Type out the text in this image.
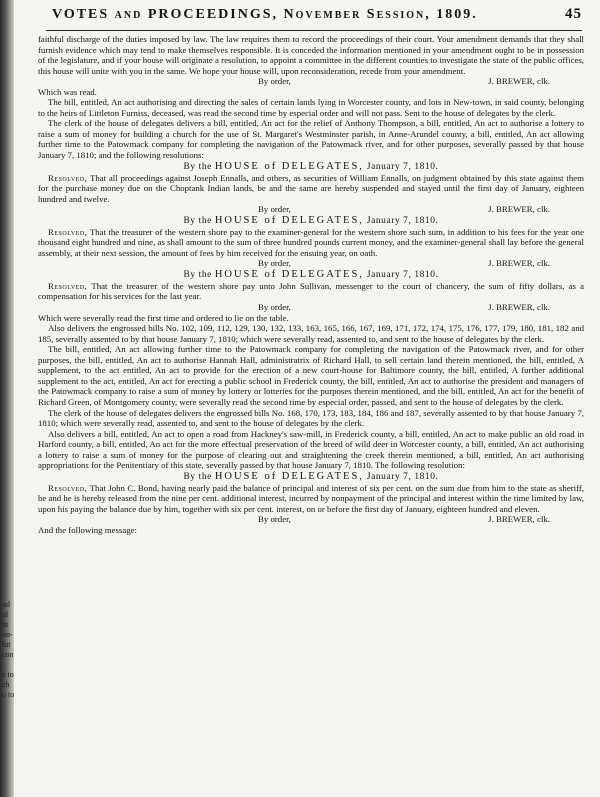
ud
ol
ht
on-
lut
con

e to
ch
o to
VOTES and PROCEEDINGS, November Session, 1809.	45

faithful discharge of the duties imposed by law. The law requires them to record the proceedings of their court. Your amendment demands that they shall furnish evidence which may tend to make themselves responsible. It is conceded the information mentioned in your amendment ought to be in possession of the legislature, and if your house will originate a resolution, to appoint a committee in the different counties to investigate the state of the public offices, this house will unite with you in the same. We hope your house will, upon reconsideration, recede from your amendment.

By order,	J. BREWER, clk.

Which was read.

The bill, entitled, An act authorising and directing the sales of certain lands lying in Worcester county, and lots in New-town, in said county, belonging to the heirs of Littleton Furniss, deceased, was read the second time by especial order and will not pass. Sent to the house of delegates by the clerk.

The clerk of the house of delegates delivers a bill, entitled, An act for the relief of Anthony Thompson, a bill, entitled, An act to authorise a lottery to raise a sum of money for building a church for the use of St. Margaret's Westminster parish, in Anne-Arundel county, a bill, entitled, An act allowing further time to the Patowmack company for completing the navigation of the Patowmack river, and for other purposes, severally passed by that house January 7, 1810; and the following resolutions:

By the HOUSE of DELEGATES, January 7, 1810.

Resolved, That all proceedings against Joseph Ennalls, and others, as securities of William Ennalls, on judgment obtained by this state against them for the purchase money due on the Choptank Indian lands, be and the same are hereby suspended and stayed until the first day of January, eighteen hundred and twelve.

By order,	J. BREWER, clk.
By the HOUSE of DELEGATES, January 7, 1810.

Resolved, That the treasurer of the western shore pay to the examiner-general for the western shore such sum, in addition to his fees for the year one thousand eight hundred and nine, as shall amount to the sum of three hundred pounds current money, and the examiner-general shall lay before the general assembly, at their next session, the amount of fees by him received for the ensuing year, on oath.

By order,	J. BREWER, clk.
By the HOUSE of DELEGATES, January 7, 1810.

Resolved, That the treasurer of the western shore pay unto John Sullivan, messenger to the court of chancery, the sum of fifty dollars, as a compensation for his services for the last year.

By order,	J. BREWER, clk.

Which were severally read the first time and ordered to lie on the table.

Also delivers the engrossed bills No. 102, 109, 112, 129, 130, 132, 133, 163, 165, 166, 167, 169, 171, 172, 174, 175, 176, 177, 179, 180, 181, 182 and 185, severally assented to by that house January 7, 1810; which were severally read, assented to, and sent to the house of delegates by the clerk.

The bill, entitled, An act allowing further time to the Patowmack company for completing the navigation of the Patowmack river, and for other purposes, the bill, entitled, An act to authorise Hannah Hall, administratrix of Richard Hall, to sell certain land therein mentioned, the bill, entitled, A supplement, to the act entitled, An act to provide for the erection of a new court-house for Baltimore county, the bill, entitled, A further additional supplement to the act, entitled, An act for erecting a public school in Frederick county, the bill, entitled, An act to authorise the president and managers of the Patowmack company to raise a sum of money by lottery or lotteries for the purposes therein mentioned, and the bill, entitled, An act for the benefit of Richard Green, of Montgomery county, were severally read the second time by especial order, passed, and sent to the house of delegates by the clerk.

The clerk of the house of delegates delivers the engrossed bills No. 168, 170, 173, 183, 184, 186 and 187, severally assented to by that house January 7, 1810; which were severally read, assented to, and sent to the house of delegates by the clerk.

Also delivers a bill, entitled, An act to open a road from Hackney's saw-mill, in Frederick county, a bill, entitled, An act to make public an old road in Harford county, a bill, entitled, An act for the more effectual preservation of the breed of wild deer in Worcester county, a bill, entitled, An act authorising a lottery to raise a sum of money for the purpose of clearing out and straightening the creek therein mentioned, a bill, entitled, An act authorising appropriations for the Penitentiary of this state, severally passed by that house January 7, 1810. The following resolution:

By the HOUSE of DELEGATES, January 7, 1810.

Resolved, That John C. Bond, having nearly paid the balance of principal and interest of six per cent. on the sum due from him to the state as sheriff, be and he is hereby released from the nine per cent. additional interest, incurred by nonpayment of the principal and interest within the time limited by law, upon his paying the balance due by him, together with six per cent. interest, on or before the first day of January, eighteen hundred and eleven.

By order,	J. BREWER, clk.

And the following message:
